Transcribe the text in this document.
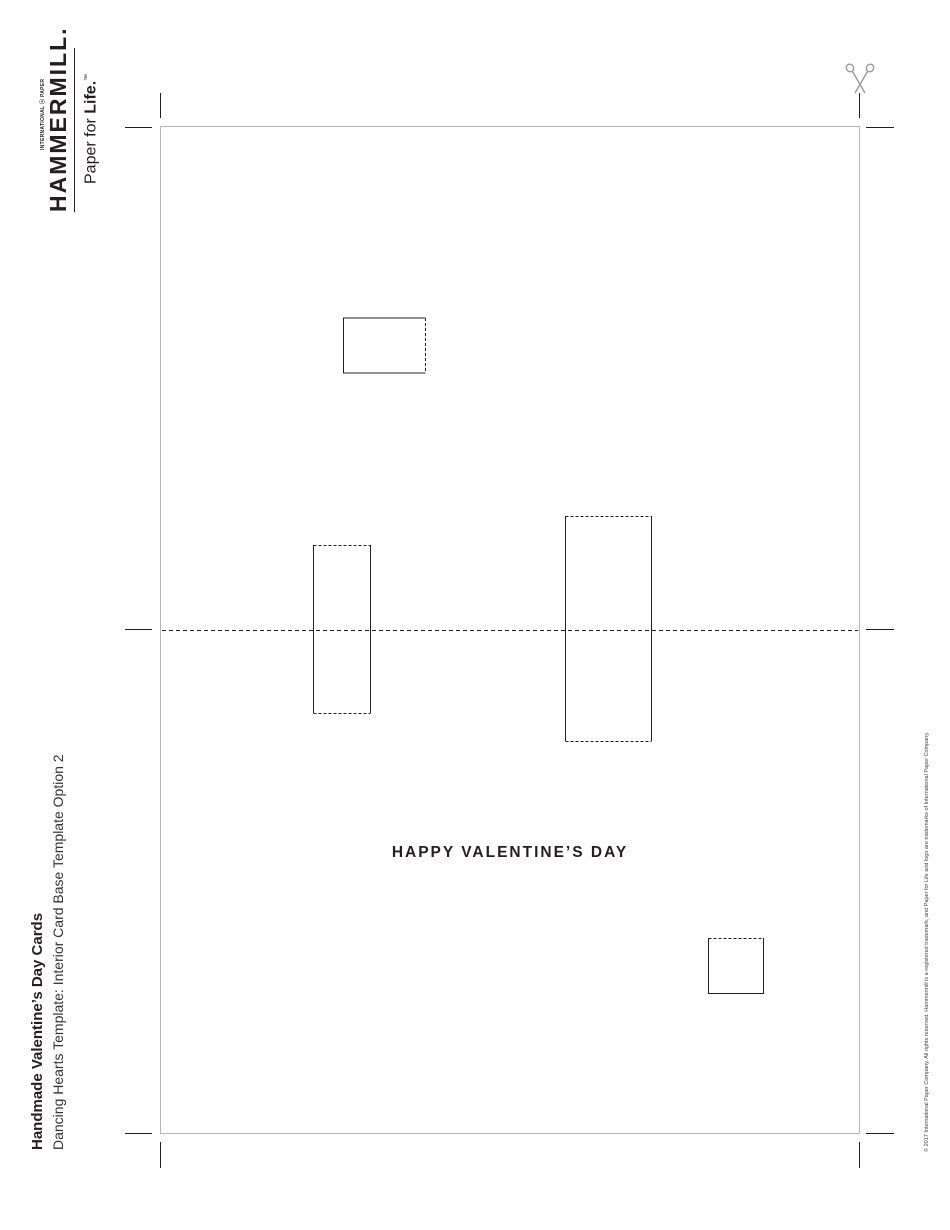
INTERNATIONAL ⓐ PAPER HAMMERMILL. Paper for Life.™
Handmade Valentine’s Day Cards Dancing Hearts Template: Interior Card Base Template Option 2	© 2017 International Paper Company. All rights reserved. Hammermill is a registered trademark, and Paper for Life and logo are trademarks of International Paper Company.
HAPPY VALENTINE’S DAY
